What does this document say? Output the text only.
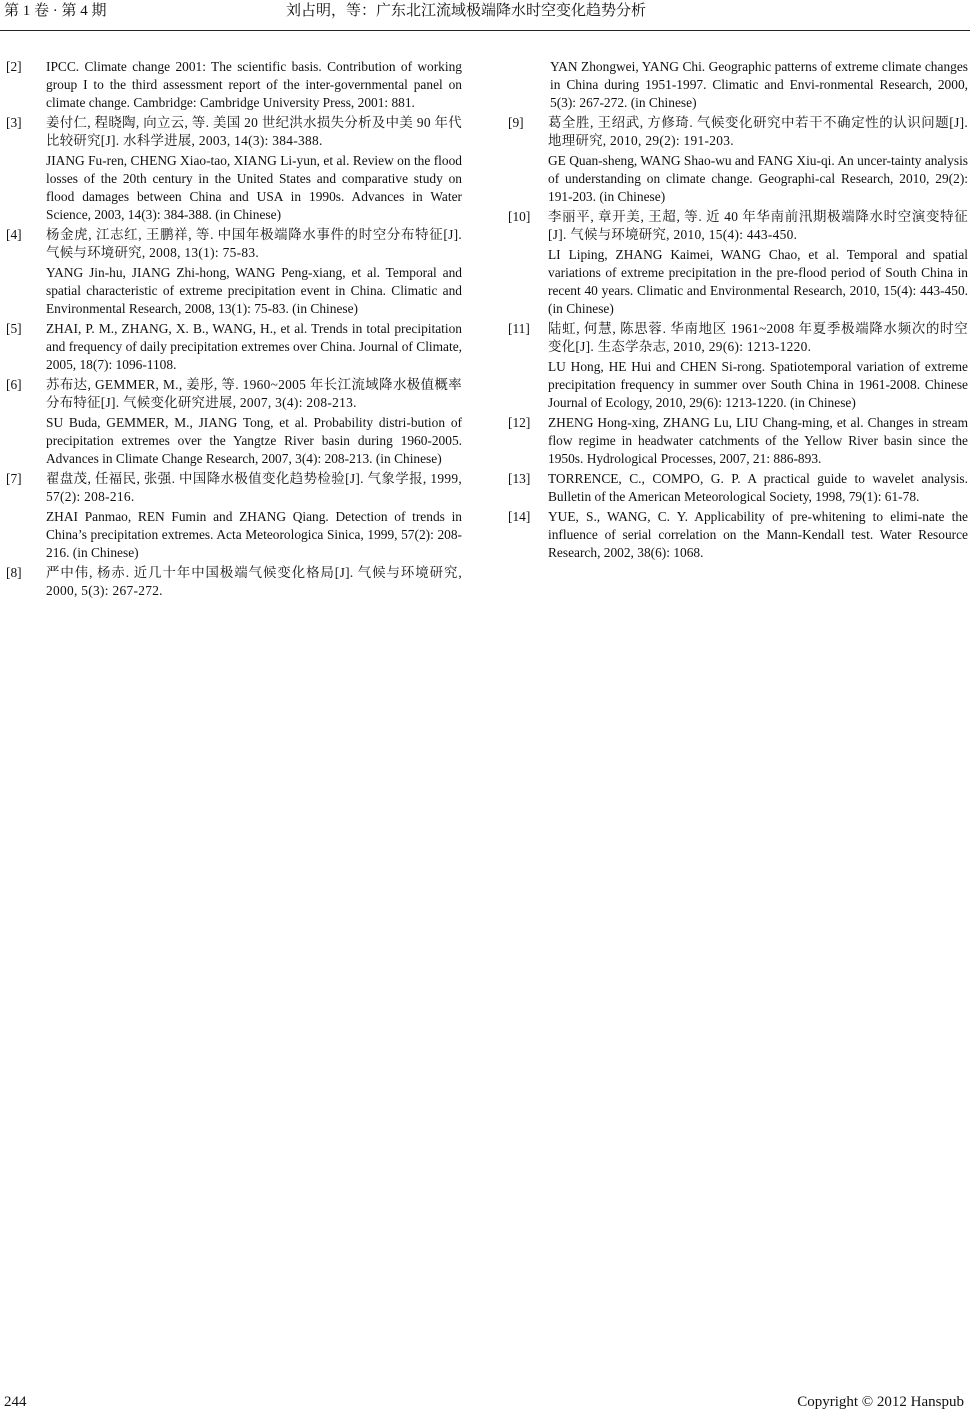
第 1 卷 · 第 4 期	刘占明，等：广东北江流域极端降水时空变化趋势分析
[2] IPCC. Climate change 2001: The scientific basis. Contribution of working group I to the third assessment report of the inter-governmental panel on climate change. Cambridge: Cambridge University Press, 2001: 881.

[3] 姜付仁, 程晓陶, 向立云, 等. 美国 20 世纪洪水损失分析及中美 90 年代比较研究[J]. 水科学进展, 2003, 14(3): 384-388.

JIANG Fu-ren, CHENG Xiao-tao, XIANG Li-yun, et al. Review on the flood losses of the 20th century in the United States and comparative study on flood damages between China and USA in 1990s. Advances in Water Science, 2003, 14(3): 384-388. (in Chinese)

[4] 杨金虎, 江志红, 王鹏祥, 等. 中国年极端降水事件的时空分布特征[J]. 气候与环境研究, 2008, 13(1): 75-83.

YANG Jin-hu, JIANG Zhi-hong, WANG Peng-xiang, et al. Temporal and spatial characteristic of extreme precipitation event in China. Climatic and Environmental Research, 2008, 13(1): 75-83. (in Chinese)

[5] ZHAI, P. M., ZHANG, X. B., WANG, H., et al. Trends in total precipitation and frequency of daily precipitation extremes over China. Journal of Climate, 2005, 18(7): 1096-1108.

[6] 苏布达, GEMMER, M., 姜彤, 等. 1960~2005 年长江流域降水极值概率分布特征[J]. 气候变化研究进展, 2007, 3(4): 208-213.

SU Buda, GEMMER, M., JIANG Tong, et al. Probability distri-bution of precipitation extremes over the Yangtze River basin during 1960-2005. Advances in Climate Change Research, 2007, 3(4): 208-213. (in Chinese)

[7] 翟盘茂, 任福民, 张强. 中国降水极值变化趋势检验[J]. 气象学报, 1999, 57(2): 208-216.

ZHAI Panmao, REN Fumin and ZHANG Qiang. Detection of trends in China’s precipitation extremes. Acta Meteorologica Sinica, 1999, 57(2): 208-216. (in Chinese)

[8] 严中伟, 杨赤. 近几十年中国极端气候变化格局[J]. 气候与环境研究, 2000, 5(3): 267-272.

YAN Zhongwei, YANG Chi. Geographic patterns of extreme climate changes in China during 1951-1997. Climatic and Envi-ronmental Research, 2000, 5(3): 267-272. (in Chinese)

[9] 葛全胜, 王绍武, 方修琦. 气候变化研究中若干不确定性的认识问题[J]. 地理研究, 2010, 29(2): 191-203.

GE Quan-sheng, WANG Shao-wu and FANG Xiu-qi. An uncer-tainty analysis of understanding on climate change. Geographi-cal Research, 2010, 29(2): 191-203. (in Chinese)

[10] 李丽平, 章开美, 王超, 等. 近 40 年华南前汛期极端降水时空演变特征[J]. 气候与环境研究, 2010, 15(4): 443-450.

LI Liping, ZHANG Kaimei, WANG Chao, et al. Temporal and spatial variations of extreme precipitation in the pre-flood period of South China in recent 40 years. Climatic and Environmental Research, 2010, 15(4): 443-450. (in Chinese)

[11] 陆虹, 何慧, 陈思蓉. 华南地区 1961~2008 年夏季极端降水频次的时空变化[J]. 生态学杂志, 2010, 29(6): 1213-1220.

LU Hong, HE Hui and CHEN Si-rong. Spatiotemporal variation of extreme precipitation frequency in summer over South China in 1961-2008. Chinese Journal of Ecology, 2010, 29(6): 1213-1220. (in Chinese)

[12] ZHENG Hong-xing, ZHANG Lu, LIU Chang-ming, et al. Changes in stream flow regime in headwater catchments of the Yellow River basin since the 1950s. Hydrological Processes, 2007, 21: 886-893.

[13] TORRENCE, C., COMPO, G. P. A practical guide to wavelet analysis. Bulletin of the American Meteorological Society, 1998, 79(1): 61-78.

[14] YUE, S., WANG, C. Y. Applicability of pre-whitening to elimi-nate the influence of serial correlation on the Mann-Kendall test. Water Resource Research, 2002, 38(6): 1068.

244	Copyright © 2012 Hanspub
